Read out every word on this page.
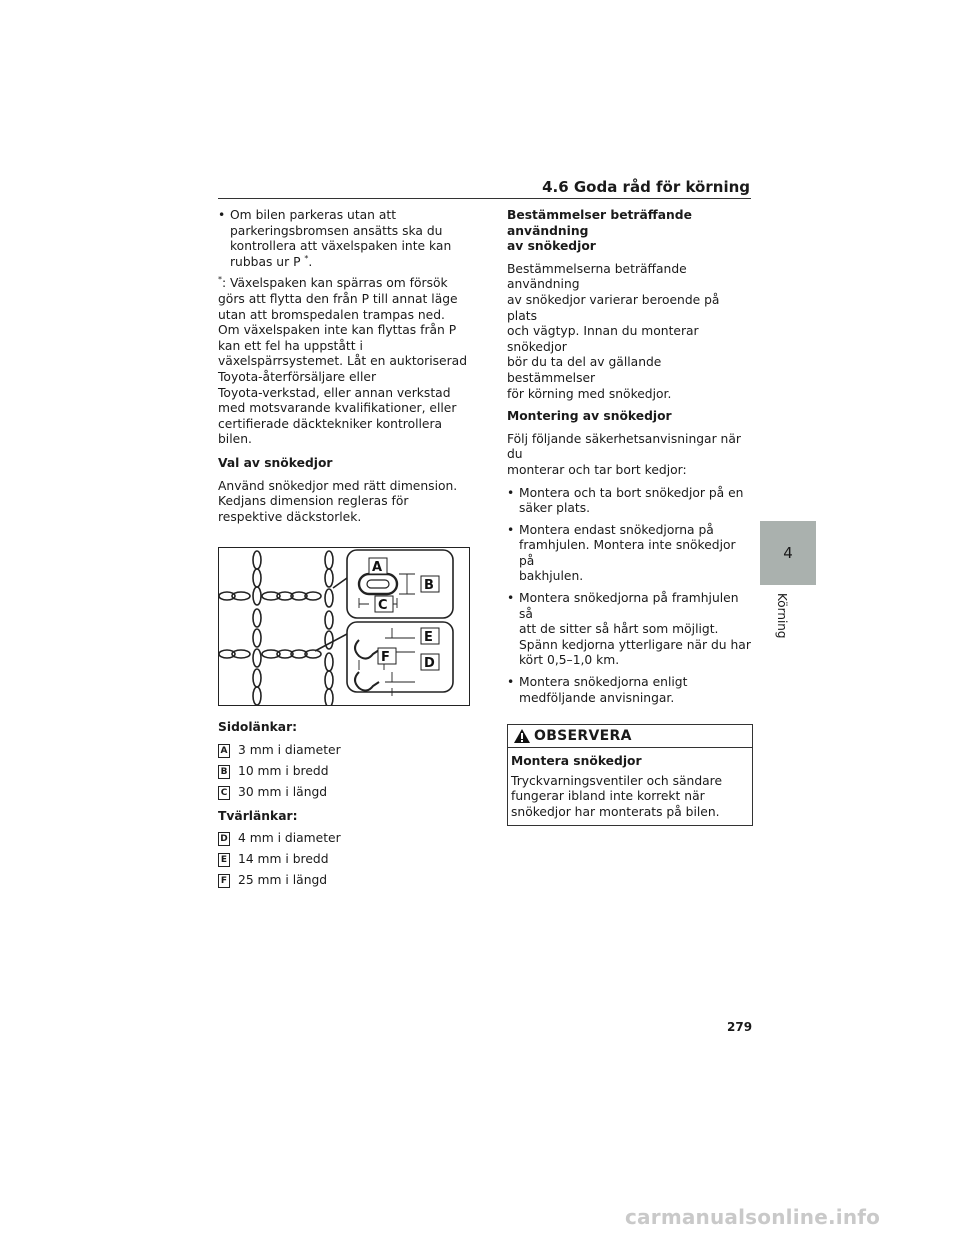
4.6 Goda råd för körning
• Om bilen parkeras utan att
parkeringsbromsen ansätts ska du
kontrollera att växelspaken inte kan
rubbas ur P *.
*: Växelspaken kan spärras om försök
görs att flytta den från P till annat läge
utan att bromspedalen trampas ned.
Om växelspaken inte kan flyttas från P
kan ett fel ha uppstått i
växelspärrsystemet. Låt en auktoriserad
Toyota-återförsäljare eller
Toyota-verkstad, eller annan verkstad
med motsvarande kvalifikationer, eller
certifierade däcktekniker kontrollera
bilen.
Val av snökedjor
Använd snökedjor med rätt dimension.
Kedjans dimension regleras för
respektive däckstorlek.
A
B
C
E
F	D
Sidolänkar:
A 3 mm i diameter
B 10 mm i bredd
C 30 mm i längd
Tvärlänkar:
D 4 mm i diameter
E 14 mm i bredd
F 25 mm i längd
Bestämmelser beträffande användning
av snökedjor
Bestämmelserna beträffande användning
av snökedjor varierar beroende på plats
och vägtyp. Innan du monterar snökedjor
bör du ta del av gällande bestämmelser
för körning med snökedjor.
Montering av snökedjor
Följ följande säkerhetsanvisningar när du
monterar och tar bort kedjor:
• Montera och ta bort snökedjor på en
säker plats.
• Montera endast snökedjorna på
framhjulen. Montera inte snökedjor på
bakhjulen.
• Montera snökedjorna på framhjulen så
att de sitter så hårt som möjligt.
Spänn kedjorna ytterligare när du har
kört 0,5–1,0 km.
• Montera snökedjorna enligt
medföljande anvisningar.
OBSERVERA
Montera snökedjor
Tryckvarningsventiler och sändare
fungerar ibland inte korrekt när
snökedjor har monterats på bilen.
4
Körning
279
carmanualsonline.info
